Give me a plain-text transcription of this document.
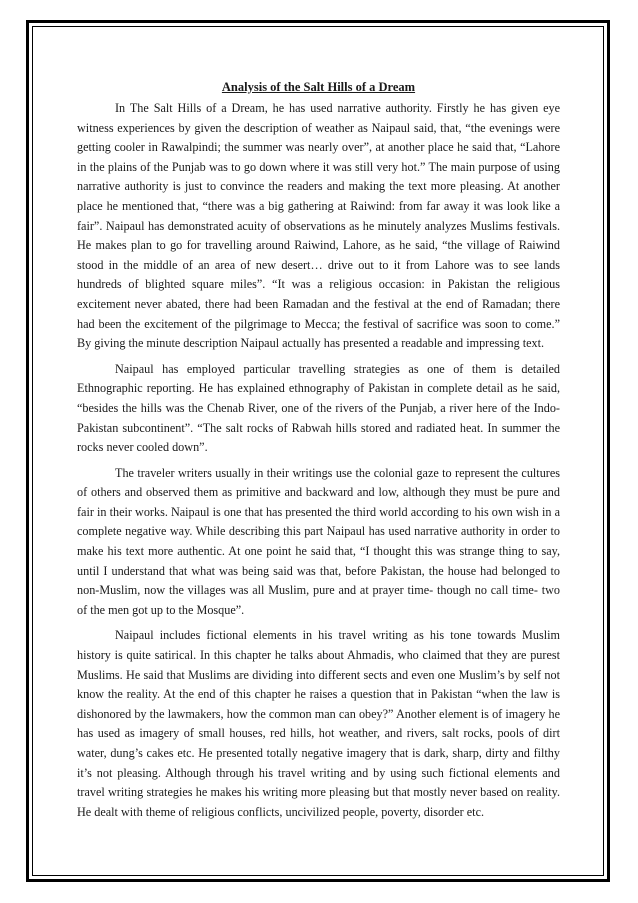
Analysis of the Salt Hills of a Dream

In The Salt Hills of a Dream, he has used narrative authority. Firstly he has given eye witness experiences by given the description of weather as Naipaul said, that, “the evenings were getting cooler in Rawalpindi; the summer was nearly over”, at another place he said that, “Lahore in the plains of the Punjab was to go down where it was still very hot.” The main purpose of using narrative authority is just to convince the readers and making the text more pleasing. At another place he mentioned that, “there was a big gathering at Raiwind: from far away it was look like a fair”. Naipaul has demonstrated acuity of observations as he minutely analyzes Muslims festivals. He makes plan to go for travelling around Raiwind, Lahore, as he said, “the village of Raiwind stood in the middle of an area of new desert… drive out to it from Lahore was to see lands hundreds of blighted square miles”. “It was a religious occasion: in Pakistan the religious excitement never abated, there had been Ramadan and the festival at the end of Ramadan; there had been the excitement of the pilgrimage to Mecca; the festival of sacrifice was soon to come.” By giving the minute description Naipaul actually has presented a readable and impressing text.

Naipaul has employed particular travelling strategies as one of them is detailed Ethnographic reporting. He has explained ethnography of Pakistan in complete detail as he said, “besides the hills was the Chenab River, one of the rivers of the Punjab, a river here of the Indo-Pakistan subcontinent”. “The salt rocks of Rabwah hills stored and radiated heat. In summer the rocks never cooled down”.

The traveler writers usually in their writings use the colonial gaze to represent the cultures of others and observed them as primitive and backward and low, although they must be pure and fair in their works. Naipaul is one that has presented the third world according to his own wish in a complete negative way. While describing this part Naipaul has used narrative authority in order to make his text more authentic. At one point he said that, “I thought this was strange thing to say, until I understand that what was being said was that, before Pakistan, the house had belonged to non-Muslim, now the villages was all Muslim, pure and at prayer time- though no call time- two of the men got up to the Mosque”.

Naipaul includes fictional elements in his travel writing as his tone towards Muslim history is quite satirical. In this chapter he talks about Ahmadis, who claimed that they are purest Muslims. He said that Muslims are dividing into different sects and even one Muslim’s by self not know the reality. At the end of this chapter he raises a question that in Pakistan “when the law is dishonored by the lawmakers, how the common man can obey?” Another element is of imagery he has used as imagery of small houses, red hills, hot weather, and rivers, salt rocks, pools of dirt water, dung’s cakes etc. He presented totally negative imagery that is dark, sharp, dirty and filthy it’s not pleasing. Although through his travel writing and by using such fictional elements and travel writing strategies he makes his writing more pleasing but that mostly never based on reality. He dealt with theme of religious conflicts, uncivilized people, poverty, disorder etc.
